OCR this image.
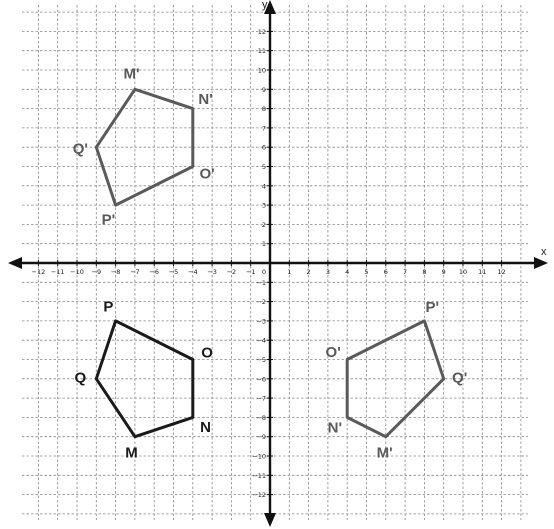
x
y
−12 −11 −10 −9 −8 −7 −6 −5 −4 −3 −2 −1	1 2 3 4 5 6 7 8 9 10 11 12
12
11
10
9
8
7
6
5
4
3
2
1
−1
−2
−3
−4
−5
−6
−7
−8
−9
−10
−11
−12
0
P
O
N
M
Q
M'
N'
O'
P'
Q'
P'
Q'
M'
N'
O'
